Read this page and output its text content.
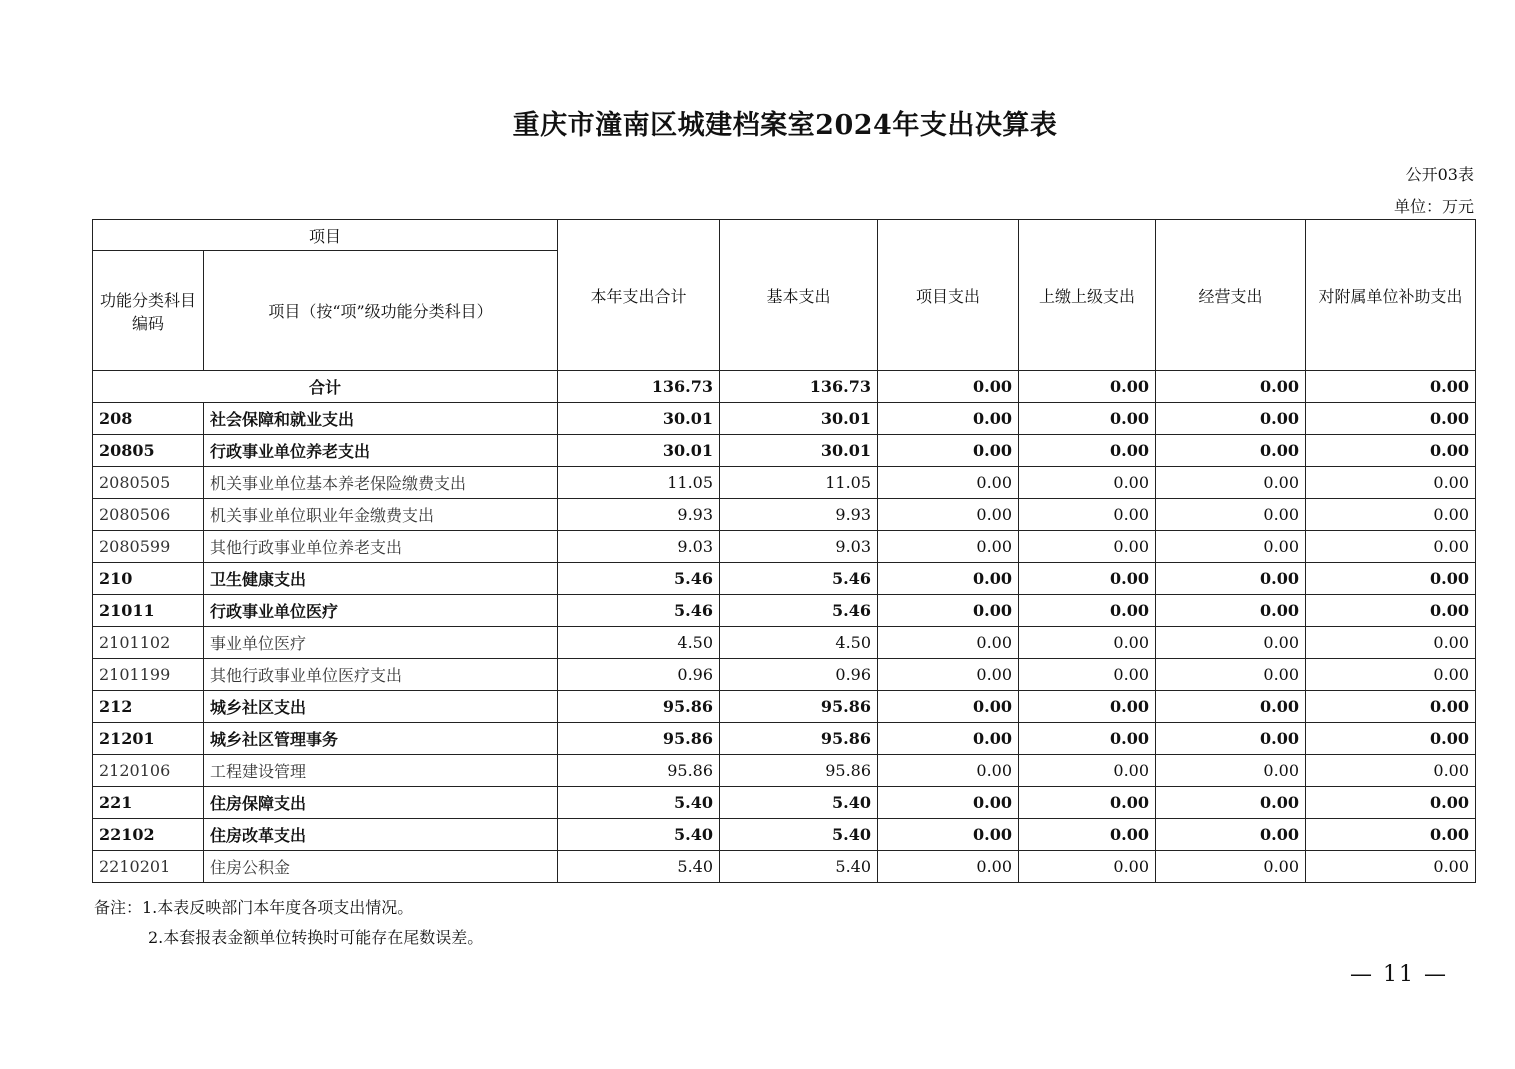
重庆市潼南区城建档案室2024年支出决算表
公开03表
单位：万元
项目		本年支出合计	基本支出	项目支出	上缴上级支出	经营支出	对附属单位补助支出
功能分类科目编码	项目（按“项”级功能分类科目）						
合计		136.73	136.73	0.00	0.00	0.00	0.00
208	社会保障和就业支出	30.01	30.01	0.00	0.00	0.00	0.00
20805	行政事业单位养老支出	30.01	30.01	0.00	0.00	0.00	0.00
2080505	机关事业单位基本养老保险缴费支出	11.05	11.05	0.00	0.00	0.00	0.00
2080506	机关事业单位职业年金缴费支出	9.93	9.93	0.00	0.00	0.00	0.00
2080599	其他行政事业单位养老支出	9.03	9.03	0.00	0.00	0.00	0.00
210	卫生健康支出	5.46	5.46	0.00	0.00	0.00	0.00
21011	行政事业单位医疗	5.46	5.46	0.00	0.00	0.00	0.00
2101102	事业单位医疗	4.50	4.50	0.00	0.00	0.00	0.00
2101199	其他行政事业单位医疗支出	0.96	0.96	0.00	0.00	0.00	0.00
212	城乡社区支出	95.86	95.86	0.00	0.00	0.00	0.00
21201	城乡社区管理事务	95.86	95.86	0.00	0.00	0.00	0.00
2120106	工程建设管理	95.86	95.86	0.00	0.00	0.00	0.00
221	住房保障支出	5.40	5.40	0.00	0.00	0.00	0.00
22102	住房改革支出	5.40	5.40	0.00	0.00	0.00	0.00
2210201	住房公积金	5.40	5.40	0.00	0.00	0.00	0.00
备注：1.本表反映部门本年度各项支出情况。
2.本套报表金额单位转换时可能存在尾数误差。
— 11 —
